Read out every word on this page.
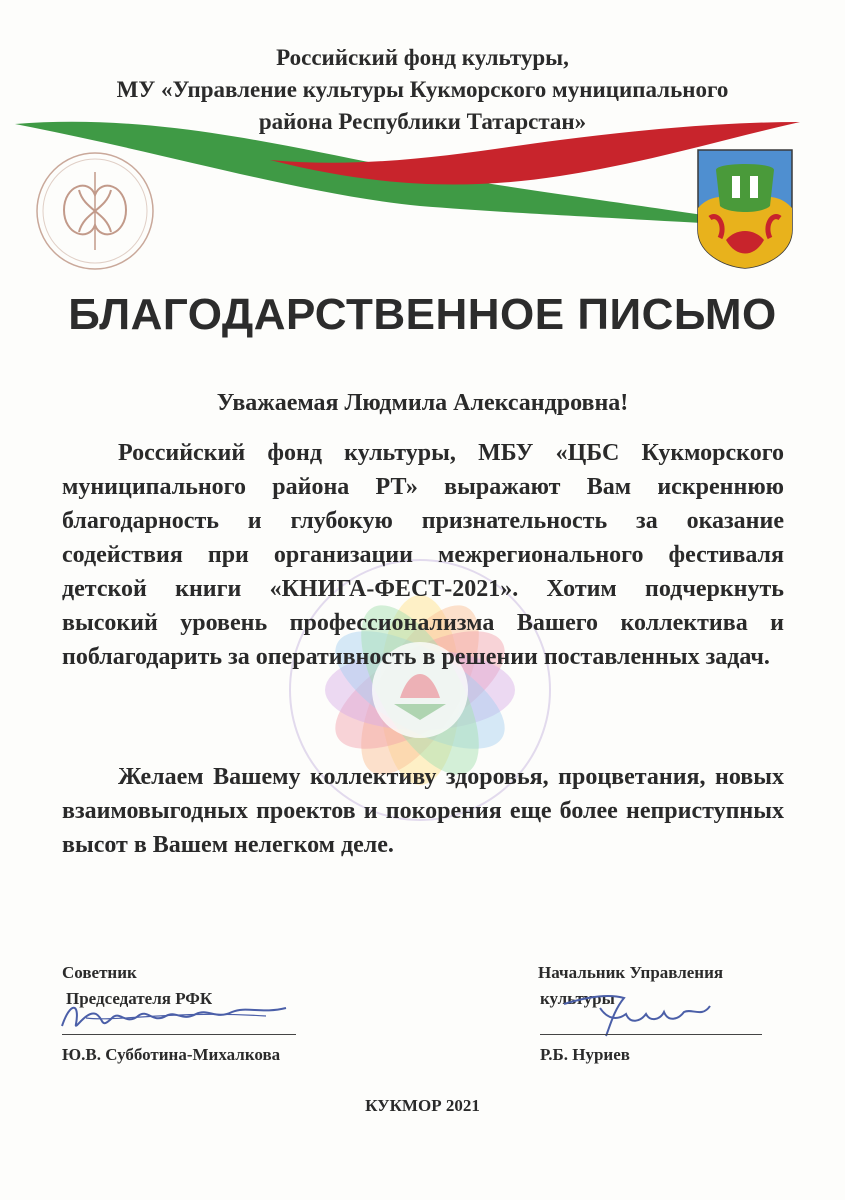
Российский фонд культуры,
МУ «Управление культуры Кукморского муниципального
района Республики Татарстан»
БЛАГОДАРСТВЕННОЕ ПИСЬМО
Уважаемая Людмила Александровна!
Российский фонд культуры, МБУ «ЦБС Кукморского муниципального района РТ» выражают Вам искреннюю благодарность и глубокую признательность за оказание содействия при организации межрегионального фестиваля детской книги «КНИГА-ФЕСТ-2021». Хотим подчеркнуть высокий уровень профессионализма Вашего коллектива и поблагодарить за оперативность в решении поставленных задач.
Желаем Вашему коллективу здоровья, процветания, новых взаимовыгодных проектов и покорения еще более неприступных высот в Вашем нелегком деле.
Советник
Председателя РФК
Ю.В. Субботина-Михалкова
Начальник Управления
культуры
Р.Б. Нуриев
КУКМОР 2021
